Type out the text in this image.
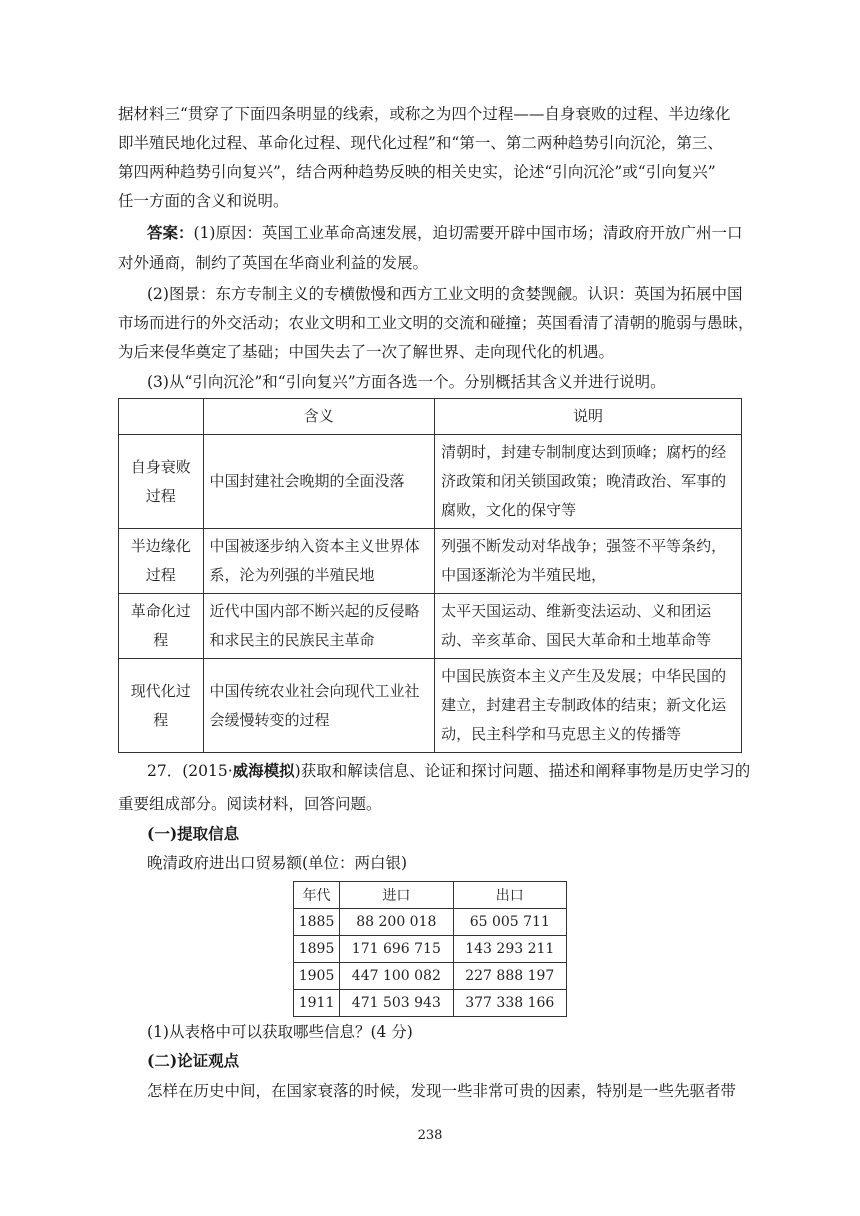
据材料三“贯穿了下面四条明显的线索，或称之为四个过程——自身衰败的过程、半边缘化
即半殖民地化过程、革命化过程、现代化过程”和“第一、第二两种趋势引向沉沦，第三、
第四两种趋势引向复兴”，结合两种趋势反映的相关史实，论述“引向沉沦”或“引向复兴”
任一方面的含义和说明。
答案：(1)原因：英国工业革命高速发展，迫切需要开辟中国市场；清政府开放广州一口
对外通商，制约了英国在华商业利益的发展。
(2)图景：东方专制主义的专横傲慢和西方工业文明的贪婪觊觎。认识：英国为拓展中国
市场而进行的外交活动；农业文明和工业文明的交流和碰撞；英国看清了清朝的脆弱与愚昧，
为后来侵华奠定了基础；中国失去了一次了解世界、走向现代化的机遇。
(3)从“引向沉沦”和“引向复兴”方面各选一个。分别概括其含义并进行说明。
	含义	说明
自身衰败过程	中国封建社会晚期的全面没落	清朝时，封建专制制度达到顶峰；腐朽的经济政策和闭关锁国政策；晚清政治、军事的腐败，文化的保守等
半边缘化过程	中国被逐步纳入资本主义世界体系，沦为列强的半殖民地	列强不断发动对华战争；强签不平等条约，中国逐渐沦为半殖民地，
革命化过程	近代中国内部不断兴起的反侵略和求民主的民族民主革命	太平天国运动、维新变法运动、义和团运动、辛亥革命、国民大革命和土地革命等
现代化过程	中国传统农业社会向现代工业社会缓慢转变的过程	中国民族资本主义产生及发展；中华民国的建立，封建君主专制政体的结束；新文化运动，民主科学和马克思主义的传播等
27．(2015·威海模拟)获取和解读信息、论证和探讨问题、描述和阐释事物是历史学习的
重要组成部分。阅读材料，回答问题。
(一)提取信息
晚清政府进出口贸易额(单位：两白银)
年代	进口	出口
1885	88 200 018	65 005 711
1895	171 696 715	143 293 211
1905	447 100 082	227 888 197
1911	471 503 943	377 338 166
(1)从表格中可以获取哪些信息？(4 分)
(二)论证观点
怎样在历史中间，在国家衰落的时候，发现一些非常可贵的因素，特别是一些先驱者带
238
